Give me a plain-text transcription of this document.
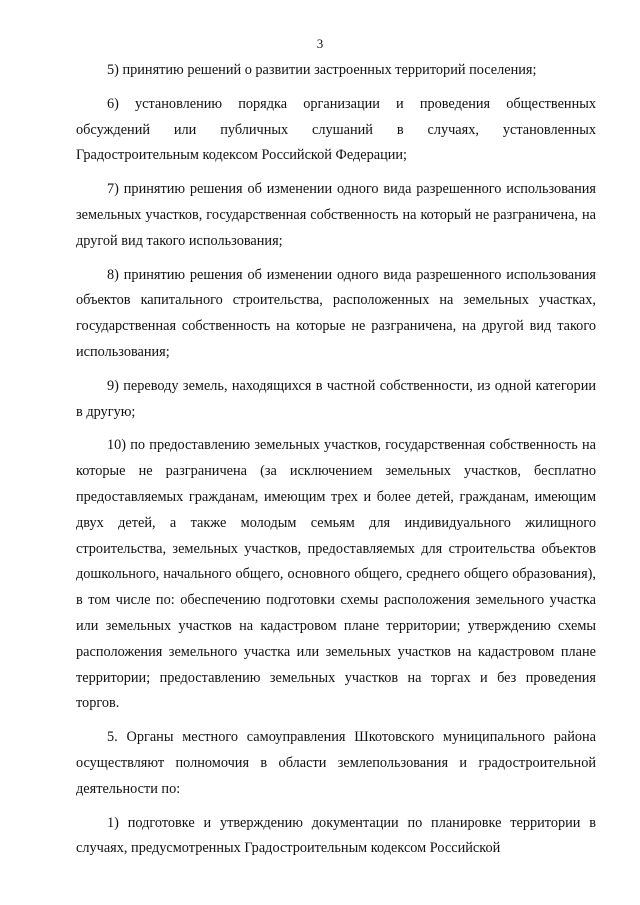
3

5) принятию решений о развитии застроенных территорий поселения;

6) установлению порядка организации и проведения общественных обсуждений или публичных слушаний в случаях, установленных Градостроительным кодексом Российской Федерации;

7) принятию решения об изменении одного вида разрешенного использования земельных участков, государственная собственность на который не разграничена, на другой вид такого использования;

8) принятию решения об изменении одного вида разрешенного использования объектов капитального строительства, расположенных на земельных участках, государственная собственность на которые не разграничена, на другой вид такого использования;

9) переводу земель, находящихся в частной собственности, из одной категории в другую;

10) по предоставлению земельных участков, государственная собственность на которые не разграничена (за исключением земельных участков, бесплатно предоставляемых гражданам, имеющим трех и более детей, гражданам, имеющим двух детей, а также молодым семьям для индивидуального жилищного строительства, земельных участков, предоставляемых для строительства объектов дошкольного, начального общего, основного общего, среднего общего образования), в том числе по: обеспечению подготовки схемы расположения земельного участка или земельных участков на кадастровом плане территории; утверждению схемы расположения земельного участка или земельных участков на кадастровом плане территории; предоставлению земельных участков на торгах и без проведения торгов.

5. Органы местного самоуправления Шкотовского муниципального района осуществляют полномочия в области землепользования и градостроительной деятельности по:

1) подготовке и утверждению документации по планировке территории в случаях, предусмотренных Градостроительным кодексом Российской
